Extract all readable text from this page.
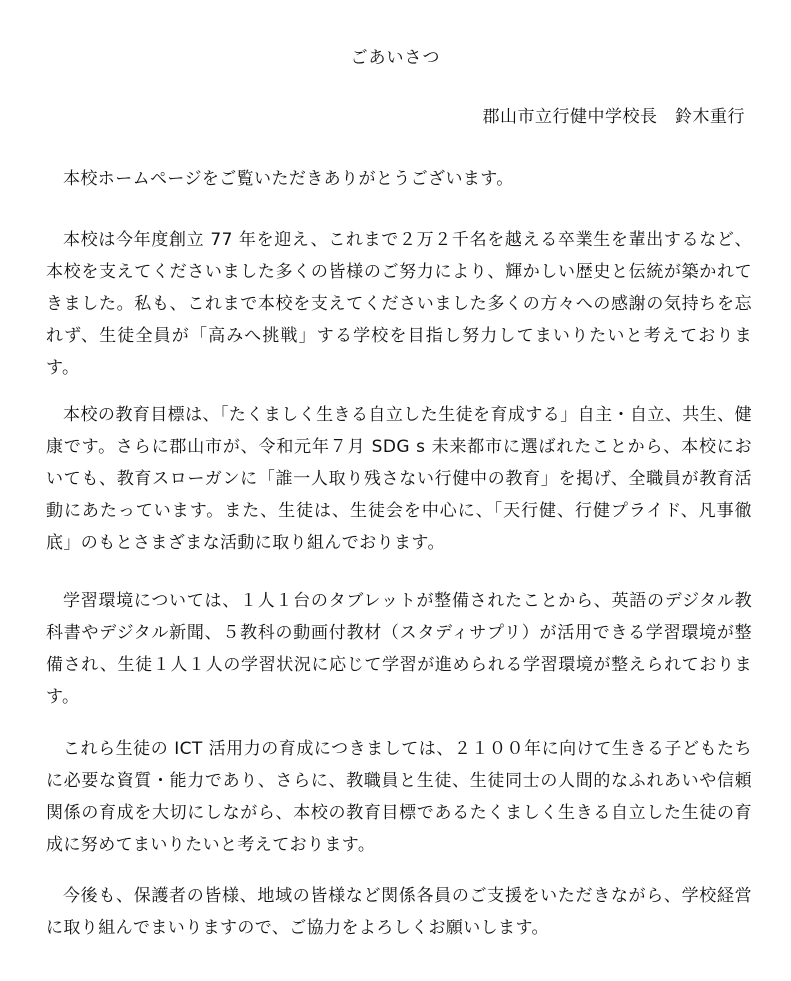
ごあいさつ
郡山市立行健中学校長　鈴木重行

本校ホームページをご覧いただきありがとうございます。

本校は今年度創立 77 年を迎え、これまで２万２千名を越える卒業生を輩出するなど、本校を支えてくださいました多くの皆様のご努力により、輝かしい歴史と伝統が築かれてきました。私も、これまで本校を支えてくださいました多くの方々への感謝の気持ちを忘れず、生徒全員が「高みへ挑戦」する学校を目指し努力してまいりたいと考えております。

本校の教育目標は、「たくましく生きる自立した生徒を育成する」自主・自立、共生、健康です。さらに郡山市が、令和元年７月 SDG s 未来都市に選ばれたことから、本校においても、教育スローガンに「誰一人取り残さない行健中の教育」を掲げ、全職員が教育活動にあたっています。また、生徒は、生徒会を中心に、「天行健、行健プライド、凡事徹底」のもとさまざまな活動に取り組んでおります。

学習環境については、１人１台のタブレットが整備されたことから、英語のデジタル教科書やデジタル新聞、５教科の動画付教材（スタディサプリ）が活用できる学習環境が整備され、生徒１人１人の学習状況に応じて学習が進められる学習環境が整えられております。

これら生徒の ICT 活用力の育成につきましては、２１００年に向けて生きる子どもたちに必要な資質・能力であり、さらに、教職員と生徒、生徒同士の人間的なふれあいや信頼関係の育成を大切にしながら、本校の教育目標であるたくましく生きる自立した生徒の育成に努めてまいりたいと考えております。

今後も、保護者の皆様、地域の皆様など関係各員のご支援をいただきながら、学校経営に取り組んでまいりますので、ご協力をよろしくお願いします。
